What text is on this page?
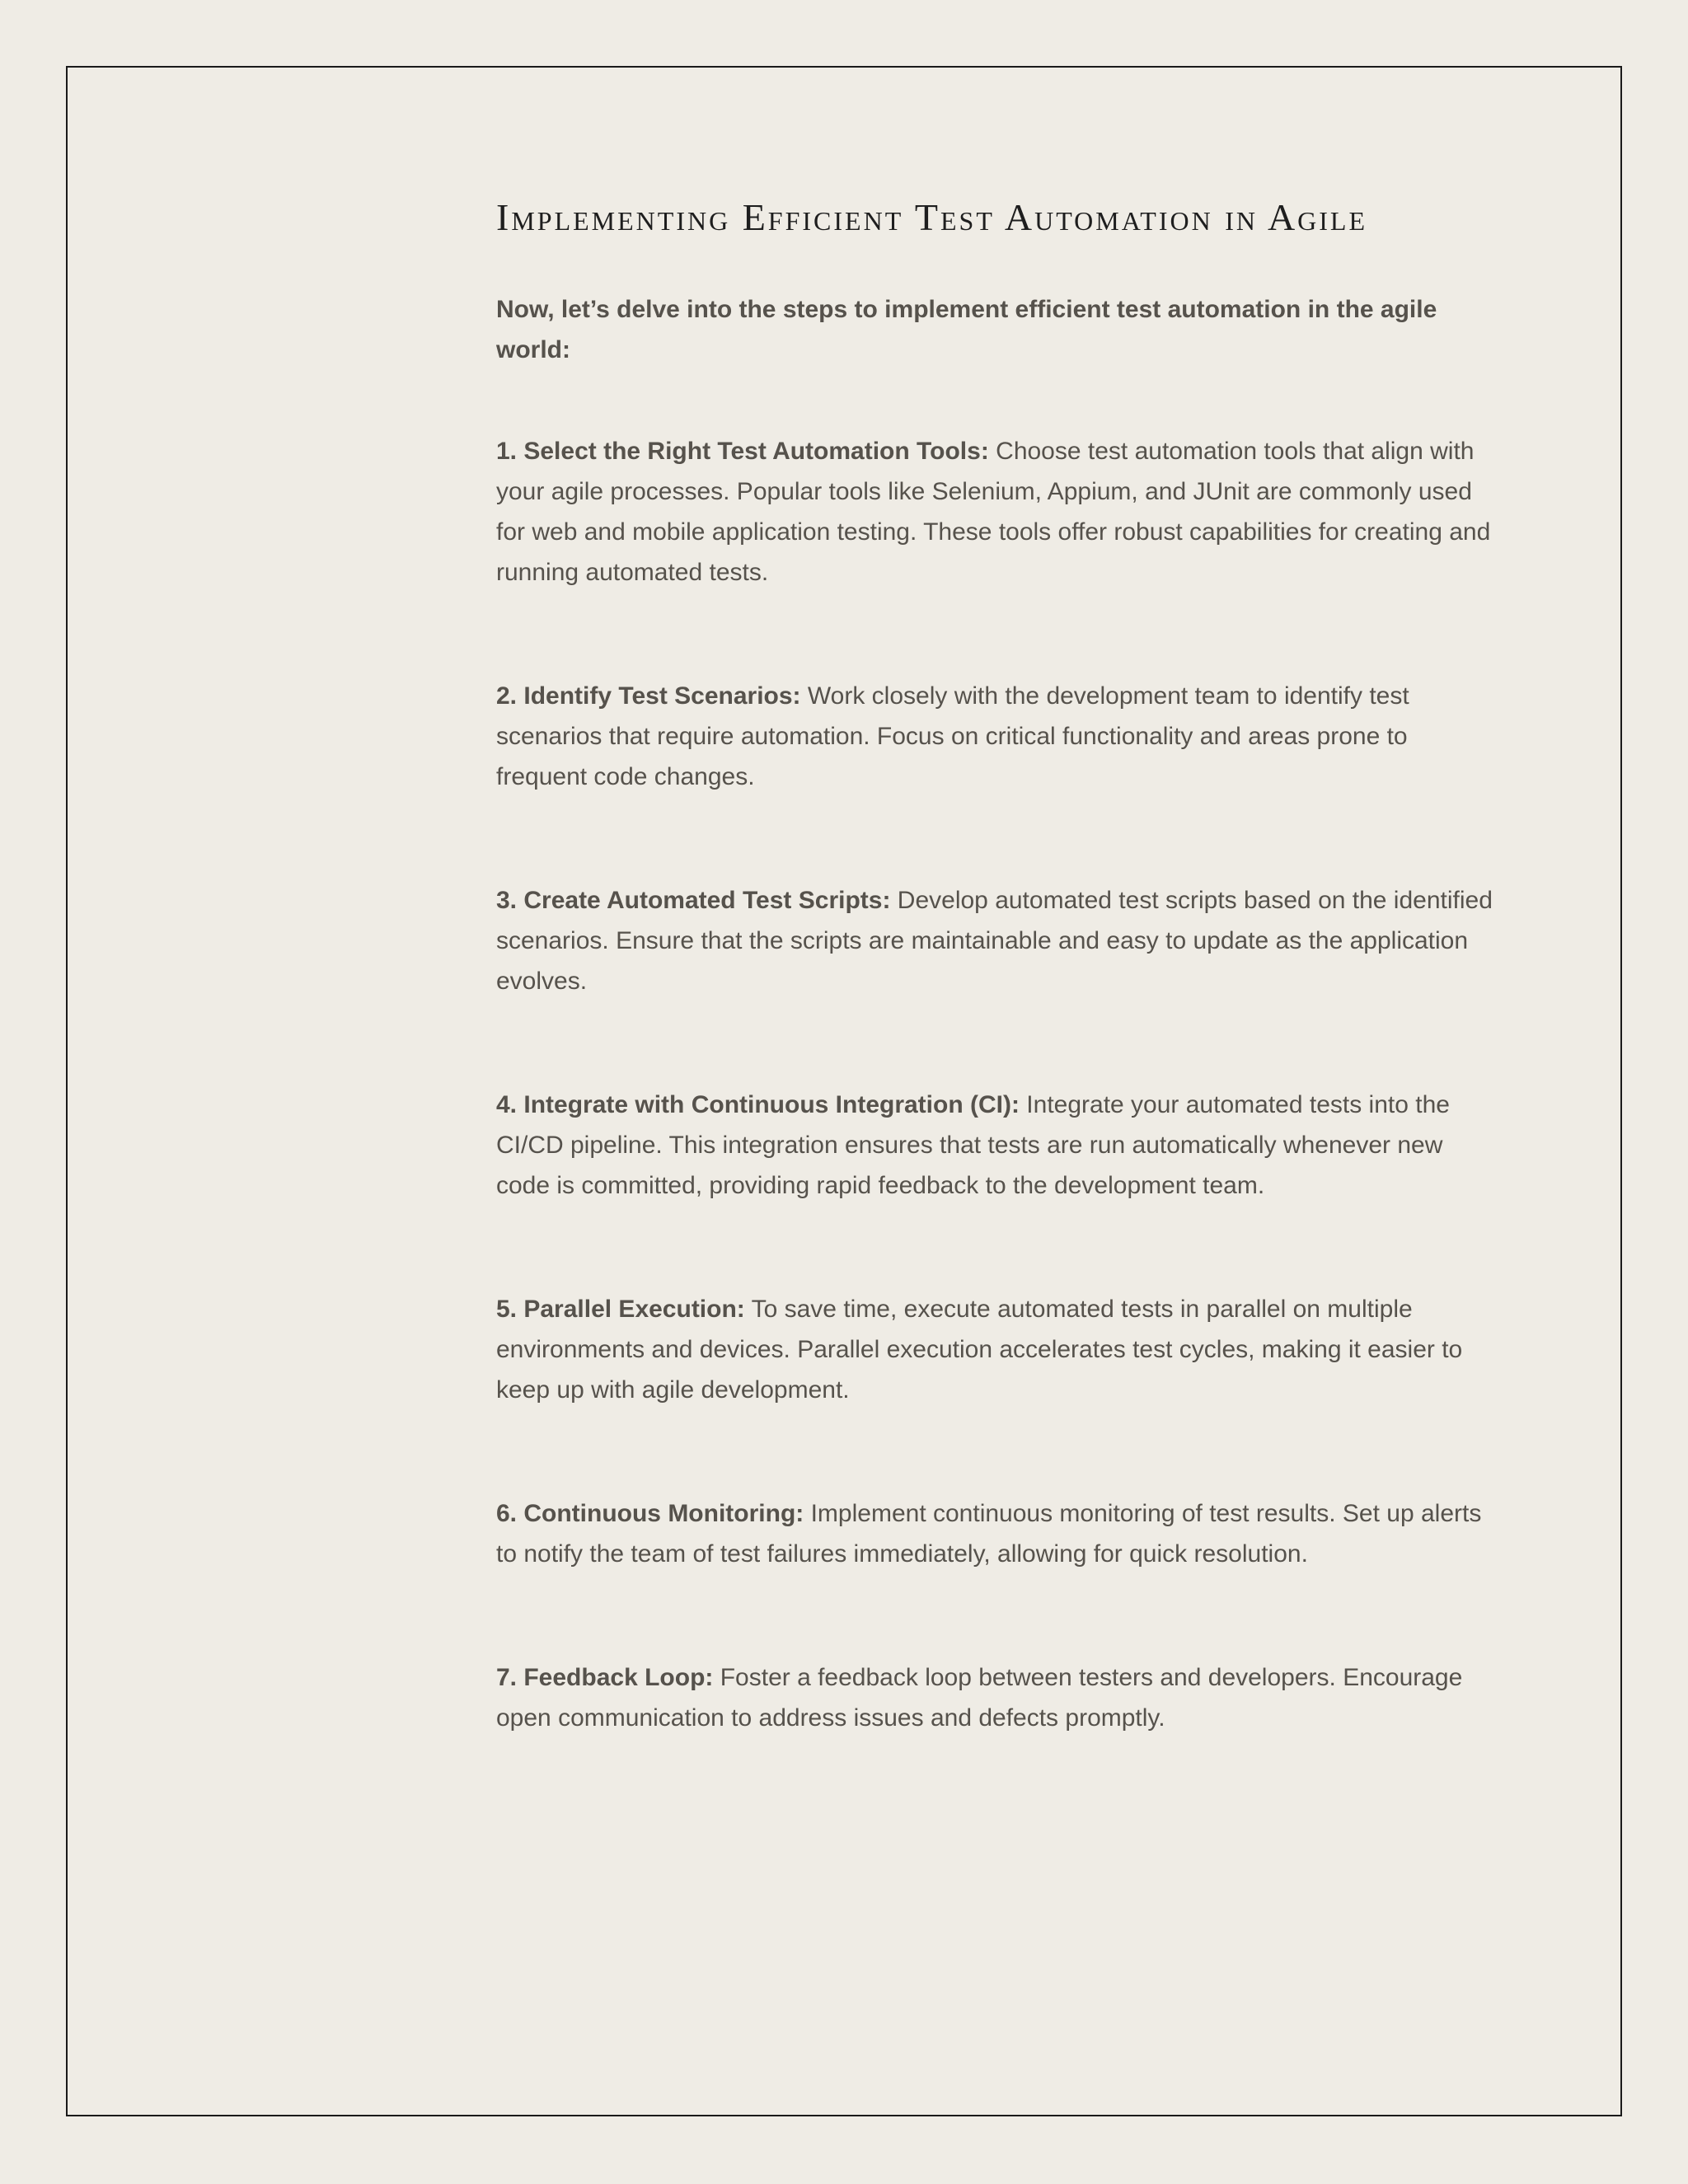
Implementing Efficient Test Automation in Agile

Now, let’s delve into the steps to implement efficient test automation in the agile world:

1. Select the Right Test Automation Tools: Choose test automation tools that align with your agile processes. Popular tools like Selenium, Appium, and JUnit are commonly used for web and mobile application testing. These tools offer robust capabilities for creating and running automated tests.

2. Identify Test Scenarios: Work closely with the development team to identify test scenarios that require automation. Focus on critical functionality and areas prone to frequent code changes.

3. Create Automated Test Scripts: Develop automated test scripts based on the identified scenarios. Ensure that the scripts are maintainable and easy to update as the application evolves.

4. Integrate with Continuous Integration (CI): Integrate your automated tests into the CI/CD pipeline. This integration ensures that tests are run automatically whenever new code is committed, providing rapid feedback to the development team.

5. Parallel Execution: To save time, execute automated tests in parallel on multiple environments and devices. Parallel execution accelerates test cycles, making it easier to keep up with agile development.

6. Continuous Monitoring: Implement continuous monitoring of test results. Set up alerts to notify the team of test failures immediately, allowing for quick resolution.

7. Feedback Loop: Foster a feedback loop between testers and developers. Encourage open communication to address issues and defects promptly.
